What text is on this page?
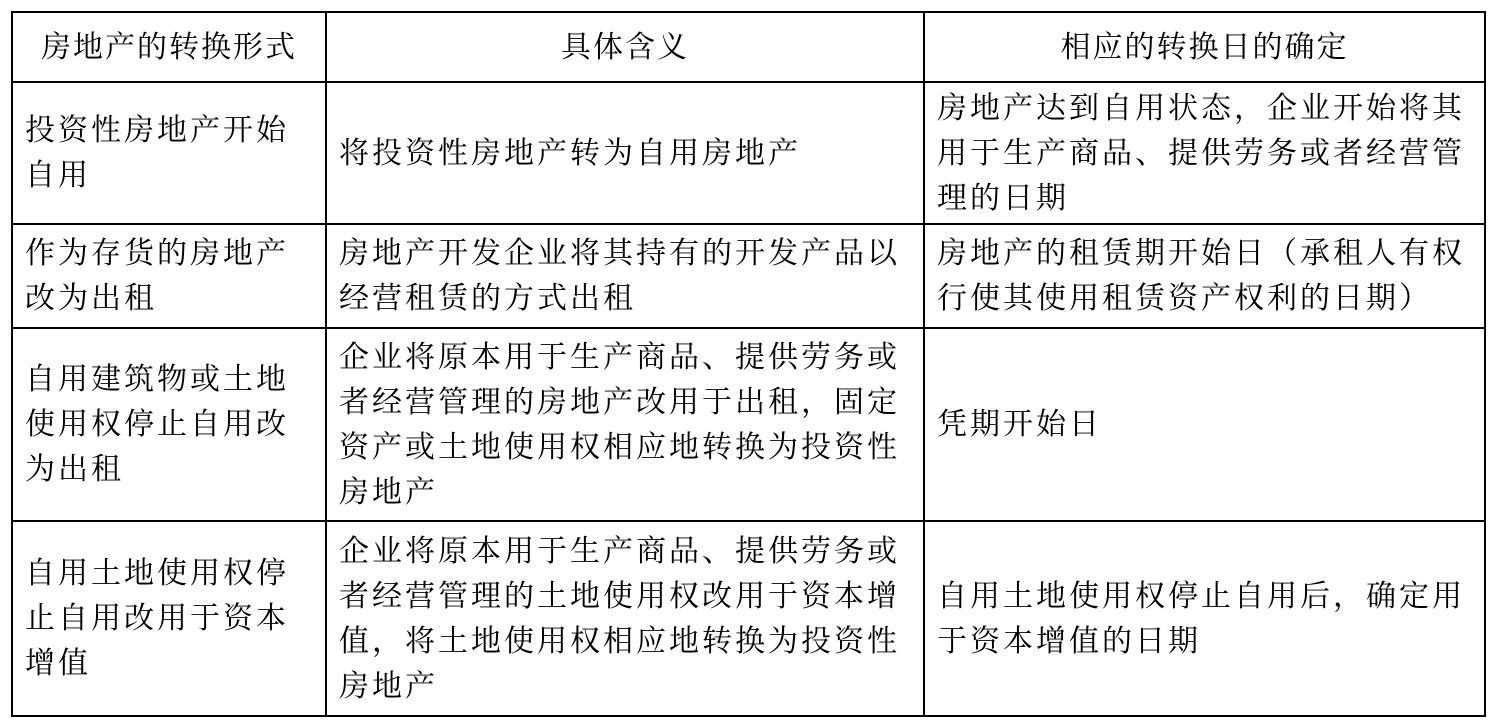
房地产的转换形式	具体含义	相应的转换日的确定
投资性房地产开始自用	将投资性房地产转为自用房地产	房地产达到自用状态，企业开始将其用于生产商品、提供劳务或者经营管理的日期
作为存货的房地产改为出租	房地产开发企业将其持有的开发产品以经营租赁的方式出租	房地产的租赁期开始日（承租人有权行使其使用租赁资产权利的日期）
自用建筑物或土地使用权停止自用改为出租	企业将原本用于生产商品、提供劳务或者经营管理的房地产改用于出租，固定资产或土地使用权相应地转换为投资性房地产	凭期开始日
自用土地使用权停止自用改用于资本增值	企业将原本用于生产商品、提供劳务或者经营管理的土地使用权改用于资本增值，将土地使用权相应地转换为投资性房地产	自用土地使用权停止自用后，确定用于资本增值的日期
